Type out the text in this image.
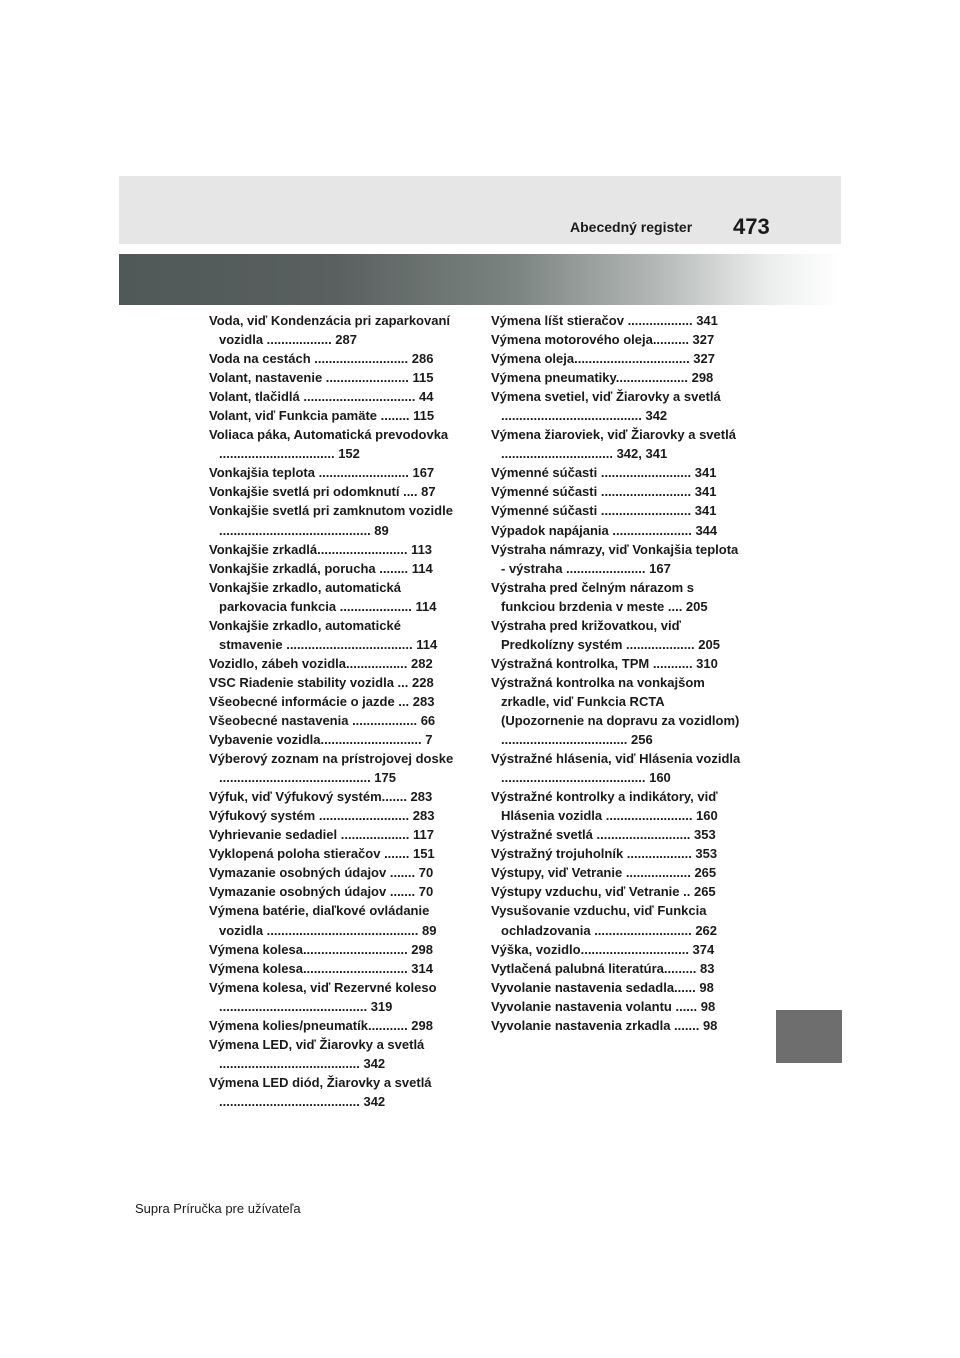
Abecedný register 473

Voda, viď Kondenzácia pri zaparkovaní vozidla .................. 287

Voda na cestách .......................... 286

Volant, nastavenie ....................... 115

Volant, tlačidlá ............................... 44

Volant, viď Funkcia pamäte ........ 115

Voliaca páka, Automatická prevodovka ................................ 152

Vonkajšia teplota ......................... 167

Vonkajšie svetlá pri odomknutí .... 87

Vonkajšie svetlá pri zamknutom vozidle .......................................... 89

Vonkajšie zrkadlá......................... 113

Vonkajšie zrkadlá, porucha ........ 114

Vonkajšie zrkadlo, automatická parkovacia funkcia .................... 114

Vonkajšie zrkadlo, automatické stmavenie ................................... 114

Vozidlo, zábeh vozidla................. 282

VSC Riadenie stability vozidla ... 228

Všeobecné informácie o jazde ... 283

Všeobecné nastavenia .................. 66

Vybavenie vozidla............................ 7

Výberový zoznam na prístrojovej doske .......................................... 175

Výfuk, viď Výfukový systém....... 283

Výfukový systém ......................... 283

Vyhrievanie sedadiel ................... 117

Vyklopená poloha stieračov ....... 151

Vymazanie osobných údajov ....... 70

Vymazanie osobných údajov ....... 70

Výmena batérie, diaľkové ovládanie vozidla .......................................... 89

Výmena kolesa............................. 298

Výmena kolesa............................. 314

Výmena kolesa, viď Rezervné koleso ......................................... 319

Výmena kolies/pneumatík........... 298

Výmena LED, viď Žiarovky a svetlá ....................................... 342

Výmena LED diód, Žiarovky a svetlá ....................................... 342

Výmena líšt stieračov .................. 341

Výmena motorového oleja.......... 327

Výmena oleja................................ 327

Výmena pneumatiky.................... 298

Výmena svetiel, viď Žiarovky a svetlá ....................................... 342

Výmena žiaroviek, viď Žiarovky a svetlá ............................... 342, 341

Výmenné súčasti ......................... 341

Výmenné súčasti ......................... 341

Výmenné súčasti ......................... 341

Výpadok napájania ...................... 344

Výstraha námrazy, viď Vonkajšia teplota - výstraha ...................... 167

Výstraha pred čelným nárazom s funkciou brzdenia v meste .... 205

Výstraha pred križovatkou, viď Predkolízny systém ................... 205

Výstražná kontrolka, TPM ........... 310

Výstražná kontrolka na vonkajšom zrkadle, viď Funkcia RCTA (Upozornenie na dopravu za vozidlom) ................................... 256

Výstražné hlásenia, viď Hlásenia vozidla ........................................ 160

Výstražné kontrolky a indikátory, viď Hlásenia vozidla ........................ 160

Výstražné svetlá .......................... 353

Výstražný trojuholník .................. 353

Výstupy, viď Vetranie .................. 265

Výstupy vzduchu, viď Vetranie .. 265

Vysušovanie vzduchu, viď Funkcia ochladzovania ........................... 262

Výška, vozidlo.............................. 374

Vytlačená palubná literatúra......... 83

Vyvolanie nastavenia sedadla...... 98

Vyvolanie nastavenia volantu ...... 98

Vyvolanie nastavenia zrkadla ....... 98

Supra Príručka pre užívateľa
